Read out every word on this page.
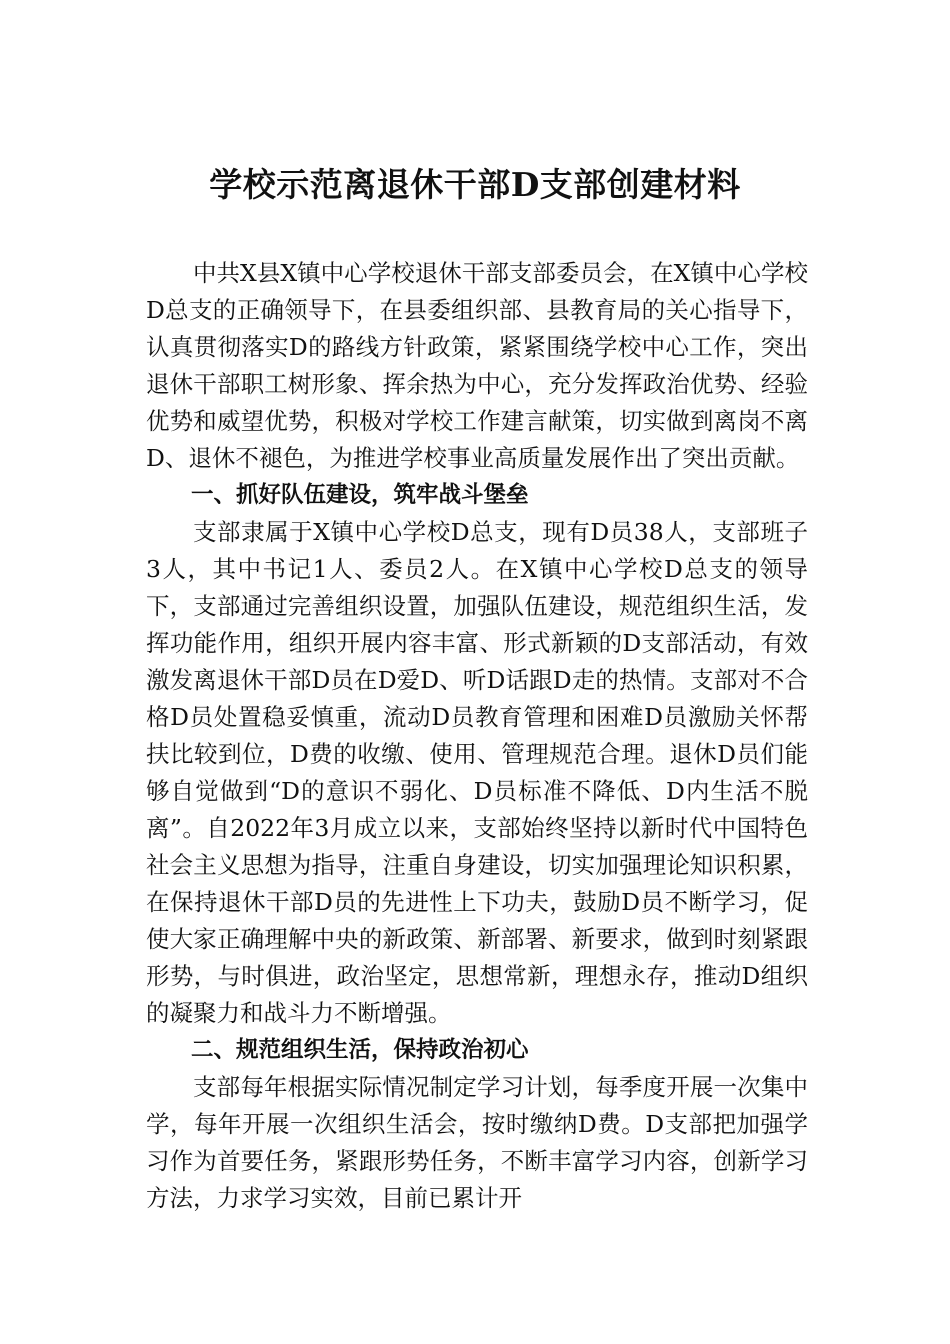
学校示范离退休干部D支部创建材料

中共X县X镇中心学校退休干部支部委员会，在X镇中心学校D总支的正确领导下，在县委组织部、县教育局的关心指导下，认真贯彻落实D的路线方针政策，紧紧围绕学校中心工作，突出退休干部职工树形象、挥余热为中心，充分发挥政治优势、经验优势和威望优势，积极对学校工作建言献策，切实做到离岗不离D、退休不褪色，为推进学校事业高质量发展作出了突出贡献。

一、抓好队伍建设，筑牢战斗堡垒

支部隶属于X镇中心学校D总支，现有D员38人，支部班子3人，其中书记1人、委员2人。在X镇中心学校D总支的领导下，支部通过完善组织设置，加强队伍建设，规范组织生活，发挥功能作用，组织开展内容丰富、形式新颖的D支部活动，有效激发离退休干部D员在D爱D、听D话跟D走的热情。支部对不合格D员处置稳妥慎重，流动D员教育管理和困难D员激励关怀帮扶比较到位，D费的收缴、使用、管理规范合理。退休D员们能够自觉做到“D的意识不弱化、D员标准不降低、D内生活不脱离”。自2022年3月成立以来，支部始终坚持以新时代中国特色社会主义思想为指导，注重自身建设，切实加强理论知识积累，在保持退休干部D员的先进性上下功夫，鼓励D员不断学习，促使大家正确理解中央的新政策、新部署、新要求，做到时刻紧跟形势，与时俱进，政治坚定，思想常新，理想永存，推动D组织的凝聚力和战斗力不断增强。

二、规范组织生活，保持政治初心

支部每年根据实际情况制定学习计划，每季度开展一次集中学，每年开展一次组织生活会，按时缴纳D费。D支部把加强学习作为首要任务，紧跟形势任务，不断丰富学习内容，创新学习方法，力求学习实效，目前已累计开
